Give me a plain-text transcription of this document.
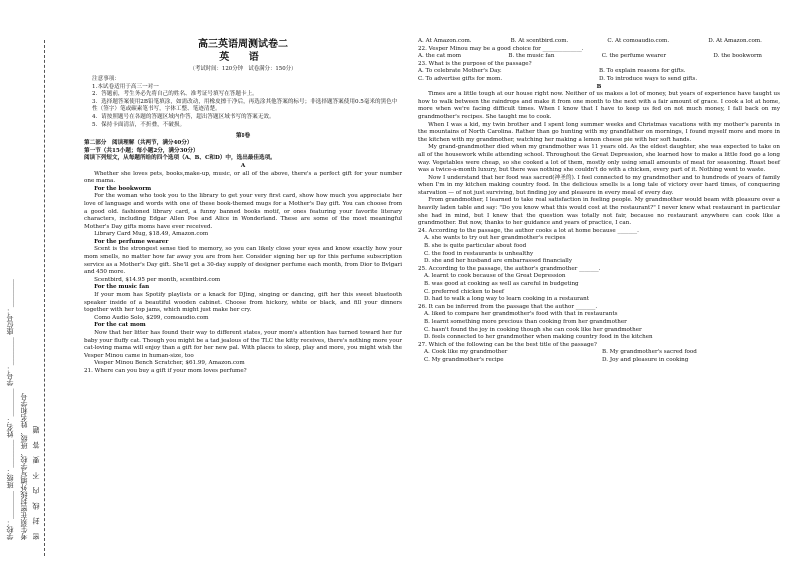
学校：________ 班级：________ 姓名：________ 学号：________ 座位号：________
考生须在密封线外填写学校、班级、姓名和学号 密 封 线 内 不 要 答 题
高三英语周测试卷二
英 语
（考试时间：120分钟　试卷满分：150分）
注意事项：
1.本试卷适用于高三一对一
2．答题前，考生务必先将自己的姓名、准考证号填写在答题卡上。
3．选择题答案使用2B铅笔填涂，如需改动，用橡皮擦干净后，再选涂其他答案的标号；非选择题答案使用0.5毫米的黑色中性（签字）笔或碳素笔书写，字体工整、笔迹清楚。
4．请按照题号在各题的答题区域内作答，超出答题区域书写的答案无效。
5．保持卡面清洁，不折叠，不破损。
第Ⅰ卷
第二部分　阅读理解（共两节，满分40分）
第一节（共15小题；每小题2分，满分30分）
阅读下列短文，从每题所给的四个选项（A、B、C和D）中，选出最佳选项。
A

Whether she loves pets, books,make-up, music, or all of the above, there's a perfect gift for your number one mama.

For the bookworm

For the woman who took you to the library to get your very first card, show how much you appreciate her love of language and words with one of these book-themed mugs for a Mother's Day gift. You can choose from a good old. fashioned library card, a funny banned books motif, or ones featuring your favorite literary characters, including Edgar Allen Poe and Alice in Wonderland. These are some of the most meaningful Mother's Day gifts moms have ever received.

Library Card Mug, $18.49, Amazon.com

For the perfume wearer

Scent is the strongest sense tied to memory, so you can likely close your eyes and know exactly how your mom smells, no matter how far away you are from her. Consider signing her up for this perfume subscription service as a Mother's Day gift. She'll get a 30-day supply of designer perfume each month, from Dior to Bvlgari and 450 more.

Scentbird, $14.95 per month, scentbird.com

For the music fan

If your mom has Spotify playlists or a knack for DJing, singing or dancing, gift her this sweet bluetooth speaker inside of a beautiful wooden cabinet. Choose from hickory, white or black, and fill your dinners together with her top jams, which might just make her cry.

Como Audio Solo, $299, comoaudio.com

For the cat mom

Now that her litter has found their way to different states, your mom's attention has turned toward her fur baby your fluffy cat. Though you might be a tad jealous of the TLC the kitty receives, there's nothing more your cat-loving mama will enjoy than a gift for her new pal. With places to sleep, play and more, you might wish the Vesper Minou came in human-size, too

Vesper Minou Bench Scratcher, $61.99, Amazon.com

21. Where can you buy a gift if your mom loves perfume?
A. At Amazon.com.	B. At scentbird.com.	C. At comoaudio.com.	D. At Amazon.com.
22. Vesper Minou may be a good choice for ______________.
A. the cat mom	B. the music fan	C. the perfume wearer	D. the bookworm
23. What is the purpose of the passage?
A. To celebrate Mother's Day.	B. To explain reasons for gifts.
C. To advertise gifts for mom.	D. To introduce ways to send gifts.
B

Times are a little tough at our house right now. Neither of us makes a lot of money, but years of experience have taught us how to walk between the raindrops and make it from one month to the next with a fair amount of grace. I cook a lot at home, more when we're facing difficult times. When I know that I have to keep us fed on not much money, I fall back on my grandmother's recipes. She taught me to cook.

When I was a kid, my twin brother and I spent long summer weeks and Christmas vacations with my mother's parents in the mountains of North Carolina. Rather than go hunting with my grandfather on mornings, I found myself more and more in the kitchen with my grandmother, watching her making a lemon cheese pie with her soft hands.

My grand-grandmother died when my grandmother was 11 years old. As the eldest daughter, she was expected to take on all of the housework while attending school. Throughout the Great Depression, she learned how to make a little food go a long way. Vegetables were cheap, so she cooked a lot of them, mostly only using small amounts of meat for seasoning. Roast beef was a twice-a-month luxury, but there was nothing she couldn't do with a chicken, every part of it. Nothing went to waste.

Now I understand that her food was sacred(神圣的). I feel connected to my grandmother and to hundreds of years of family when I'm in my kitchen making country food. In the delicious smells is a long tale of victory over hard times, of conquering starvation — of not just surviving, but finding joy and pleasure in every meal of every day.

From grandmother, I learned to take real satisfaction in feeling people. My grandmother would beam with pleasure over a heavily laden table and say: "Do you know what this would cost at the restaurant?" I never knew what restaurant in particular she had in mind, but I knew that the question was totally not fair, because no restaurant anywhere can cook like a grandmother. But now, thanks to her guidance and years of practice, I can.

24. According to the passage, the author cooks a lot at home because _______.
A. she wants to try out her grandmother's recipes
B. she is quite particular about food
C. the food in restaurants is unhealthy
D. she and her husband are embarrassed financially
25. According to the passage, the author's grandmother _______.
A. learnt to cook because of the Great Depression
B. was good at cooking as well as careful in budgeting
C. preferred chicken to beef
D. had to walk a long way to learn cooking in a restaurant
26. It can be inferred from the passage that the author _______.
A. liked to compare her grandmother's food with that in restaurants
B. learnt something more precious than cooking from her grandmother
C. hasn't found the joy in cooking though she can cook like her grandmother
D. feels connected to her grandmother when making country food in the kitchen
27. Which of the following can be the best title of the passage?
A. Cook like my grandmother	B. My grandmother's sacred food
C. My grandmother's recipe	D. Joy and pleasure in cooking
